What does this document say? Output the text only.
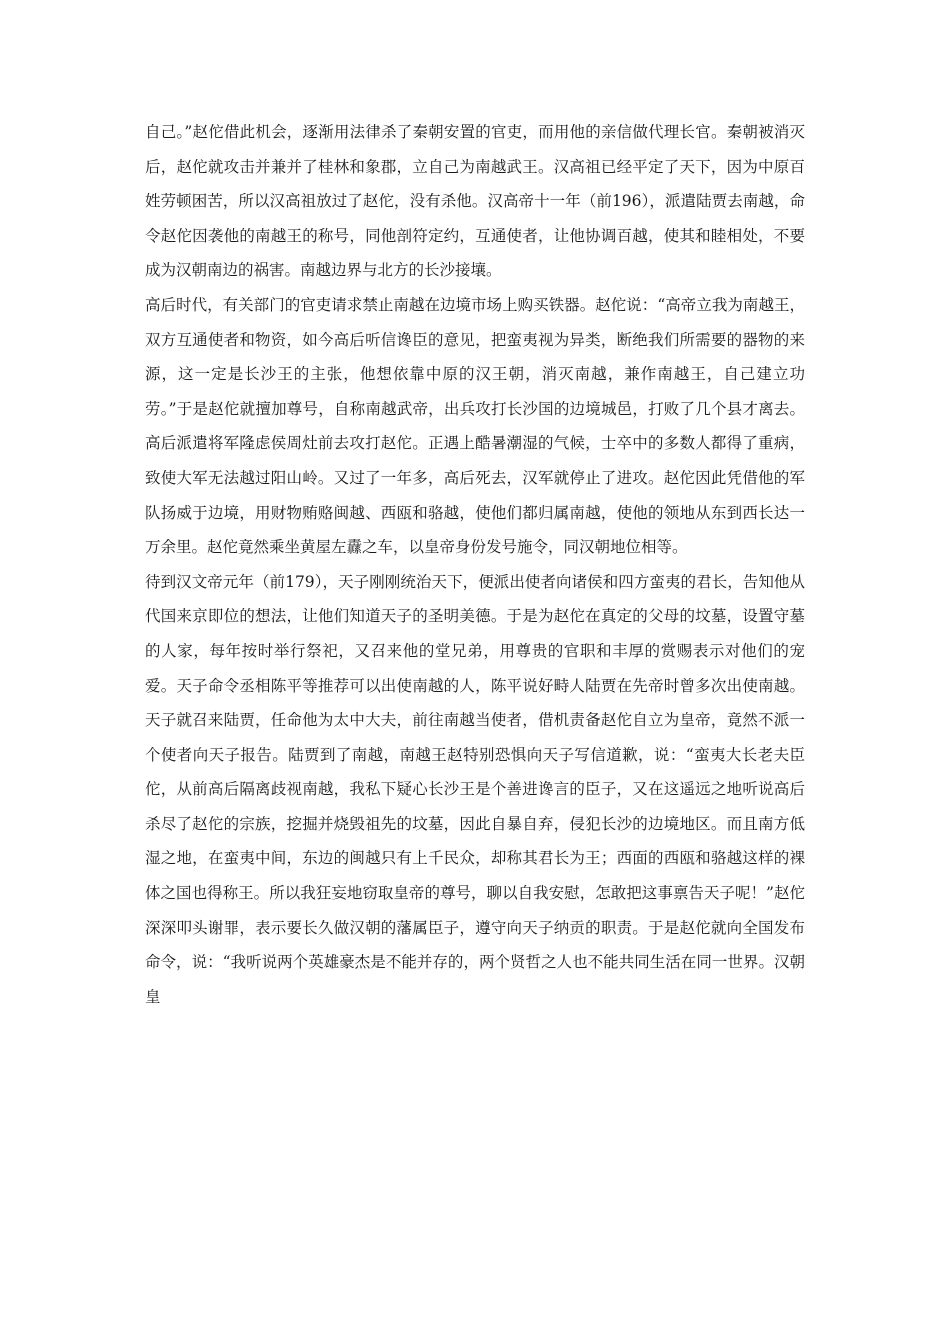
自己。”赵佗借此机会，逐渐用法律杀了秦朝安置的官吏，而用他的亲信做代理长官。秦朝被消灭后，赵佗就攻击并兼并了桂林和象郡，立自己为南越武王。汉高祖已经平定了天下，因为中原百姓劳顿困苦，所以汉高祖放过了赵佗，没有杀他。汉高帝十一年（前196），派遣陆贾去南越，命令赵佗因袭他的南越王的称号，同他剖符定约，互通使者，让他协调百越，使其和睦相处，不要成为汉朝南边的祸害。南越边界与北方的长沙接壤。

高后时代，有关部门的官吏请求禁止南越在边境市场上购买铁器。赵佗说：“高帝立我为南越王，双方互通使者和物资，如今高后听信谗臣的意见，把蛮夷视为异类，断绝我们所需要的器物的来源，这一定是长沙王的主张，他想依靠中原的汉王朝，消灭南越，兼作南越王，自己建立功劳。”于是赵佗就擅加尊号，自称南越武帝，出兵攻打长沙国的边境城邑，打败了几个县才离去。高后派遣将军隆虑侯周灶前去攻打赵佗。正遇上酷暑潮湿的气候，士卒中的多数人都得了重病，致使大军无法越过阳山岭。又过了一年多，高后死去，汉军就停止了进攻。赵佗因此凭借他的军队扬威于边境，用财物贿赂闽越、西瓯和骆越，使他们都归属南越，使他的领地从东到西长达一万余里。赵佗竟然乘坐黄屋左纛之车，以皇帝身份发号施令，同汉朝地位相等。

待到汉文帝元年（前179），天子刚刚统治天下，便派出使者向诸侯和四方蛮夷的君长，告知他从代国来京即位的想法，让他们知道天子的圣明美德。于是为赵佗在真定的父母的坟墓，设置守墓的人家，每年按时举行祭祀，又召来他的堂兄弟，用尊贵的官职和丰厚的赏赐表示对他们的宠爱。天子命令丞相陈平等推荐可以出使南越的人，陈平说好畤人陆贾在先帝时曾多次出使南越。天子就召来陆贾，任命他为太中大夫，前往南越当使者，借机责备赵佗自立为皇帝，竟然不派一个使者向天子报告。陆贾到了南越，南越王赵特别恐惧向天子写信道歉，说：“蛮夷大长老夫臣佗，从前高后隔离歧视南越，我私下疑心长沙王是个善进谗言的臣子，又在这遥远之地听说高后杀尽了赵佗的宗族，挖掘并烧毁祖先的坟墓，因此自暴自弃，侵犯长沙的边境地区。而且南方低湿之地，在蛮夷中间，东边的闽越只有上千民众，却称其君长为王；西面的西瓯和骆越这样的裸体之国也得称王。所以我狂妄地窃取皇帝的尊号，聊以自我安慰，怎敢把这事禀告天子呢！”赵佗深深叩头谢罪，表示要长久做汉朝的藩属臣子，遵守向天子纳贡的职责。于是赵佗就向全国发布命令，说：“我听说两个英雄豪杰是不能并存的，两个贤哲之人也不能共同生活在同一世界。汉朝皇
